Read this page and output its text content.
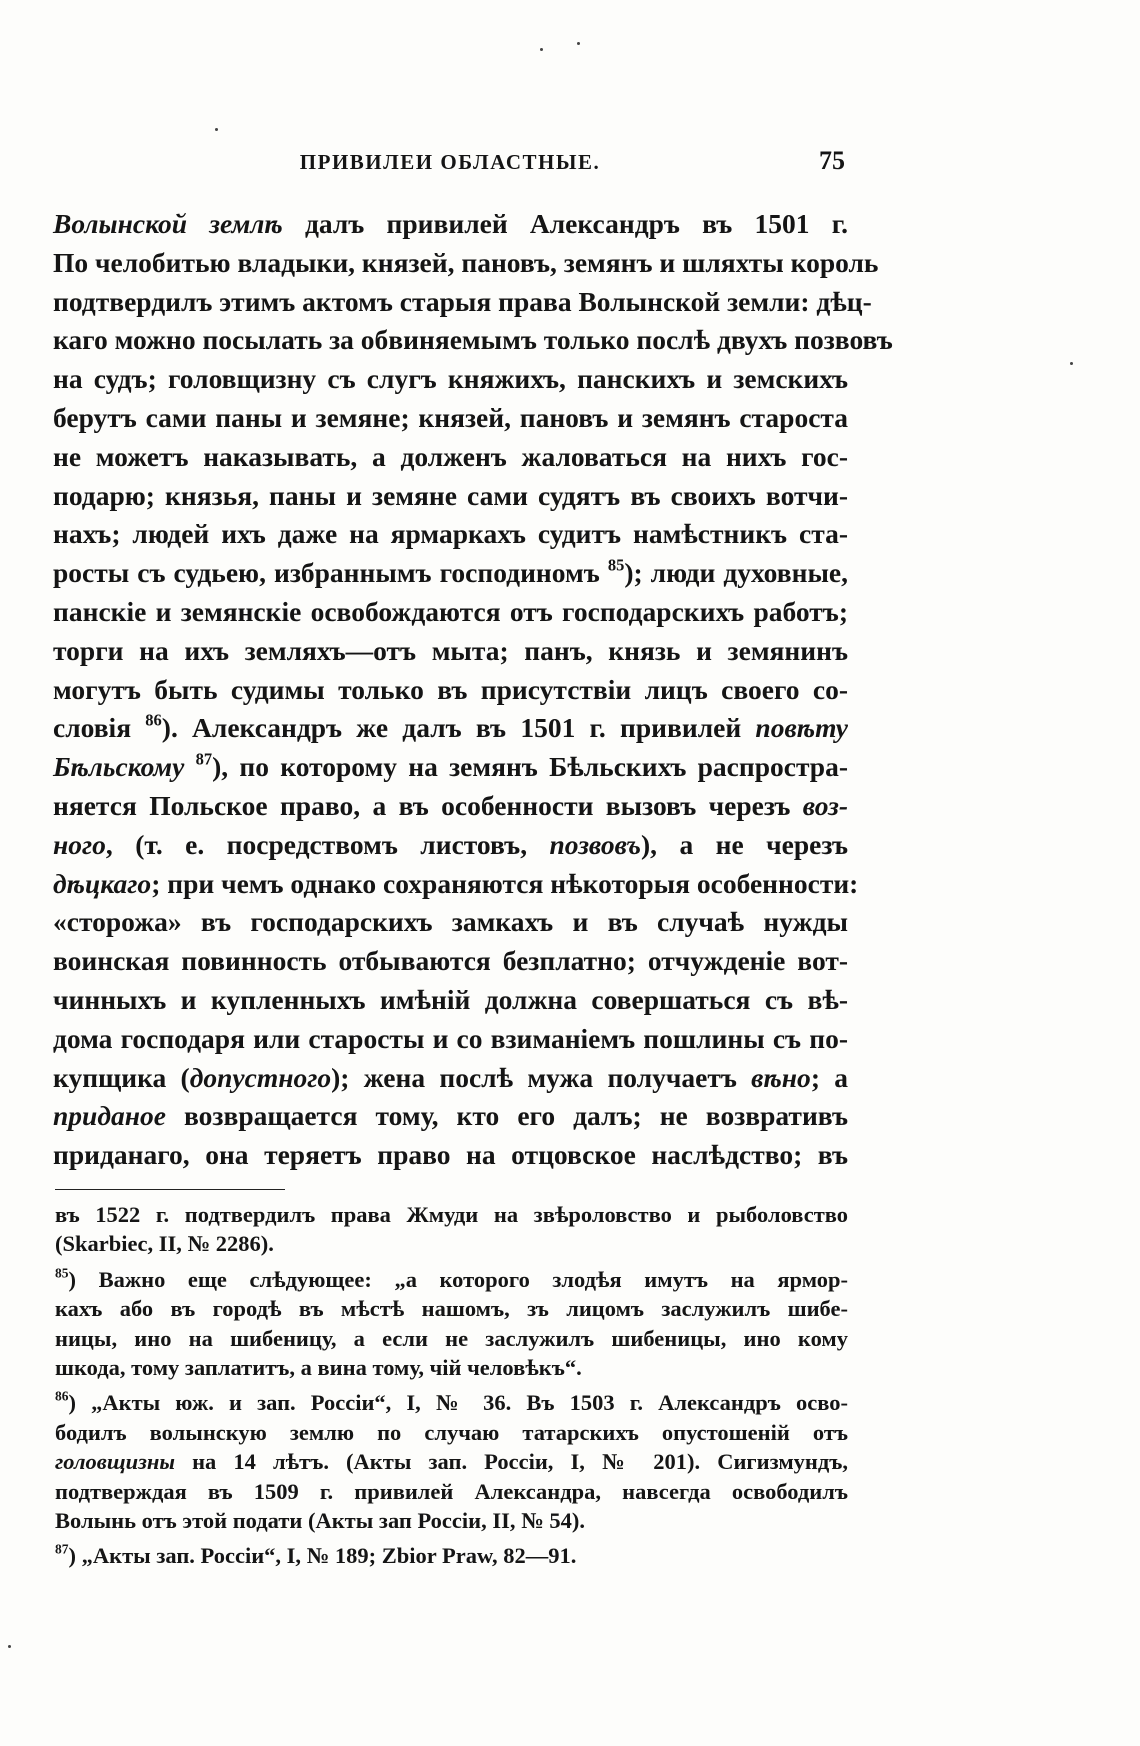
ПРИВИЛЕИ ОБЛАСТНЫЕ.	75
Волынской землѣ далъ привилей Александръ въ 1501 г.
По челобитью владыки, князей, пановъ, земянъ и шляхты король
подтвердилъ этимъ актомъ старыя права Волынской земли: дѣц-
каго можно посылать за обвиняемымъ только послѣ двухъ позвовъ
на судъ; головщизну съ слугъ княжихъ, панскихъ и земскихъ
берутъ сами паны и земяне; князей, пановъ и земянъ староста
не можетъ наказывать, а долженъ жаловаться на нихъ гос-
подарю; князья, паны и земяне сами судятъ въ своихъ вотчи-
нахъ; людей ихъ даже на ярмаркахъ судитъ намѣстникъ ста-
росты съ судьею, избраннымъ господиномъ $^{85}$); люди духовные,
панскіе и земянскіе освобождаются отъ господарскихъ работъ;
торги на ихъ земляхъ—отъ мыта; панъ, князь и земянинъ
могутъ быть судимы только въ присутствіи лицъ своего со-
словія $^{86}$). Александръ же далъ въ 1501 г. привилей повѣту
Бѣльскому $^{87}$), по которому на земянъ Бѣльскихъ распростра-
няется Польское право, а въ особенности вызовъ черезъ воз-
ного, (т. е. посредствомъ листовъ, позвовъ), а не черезъ
дѣцкаго; при чемъ однако сохраняются нѣкоторыя особенности:
«сторожа» въ господарскихъ замкахъ и въ случаѣ нужды
воинская повинность отбываются безплатно; отчужденіе вот-
чинныхъ и купленныхъ имѣній должна совершаться съ вѣ-
дома господаря или старосты и со взиманіемъ пошлины съ по-
купщика (допустного); жена послѣ мужа получаетъ вѣно; а
приданое возвращается тому, кто его далъ; не возвративъ
приданаго, она теряетъ право на отцовское наслѣдство; въ
въ 1522 г. подтвердилъ права Жмуди на звѣроловство и рыболовство
(Skarbiec, II, № 2286).
$^{85}$) Важно еще слѣдующее: „а которого злодѣя имутъ на ярмор-
кахъ або въ городѣ въ мѣстѣ нашомъ, зъ лицомъ заслужилъ шибе-
ницы, ино на шибеницу, а если не заслужилъ шибеницы, ино кому
шкода, тому заплатитъ, а вина тому, чій человѣкъ“.
$^{86}$) „Акты юж. и зап. Россіи“, I, № 36. Въ 1503 г. Александръ осво-
бодилъ волынскую землю по случаю татарскихъ опустошеній отъ
головщизны на 14 лѣтъ. (Акты зап. Россіи, I, № 201). Сигизмундъ,
подтверждая въ 1509 г. привилей Александра, навсегда освободилъ
Волынь отъ этой подати (Акты зап Россіи, II, № 54).
$^{87}$) „Акты зап. Россіи“, I, № 189; Zbior Praw, 82—91.
